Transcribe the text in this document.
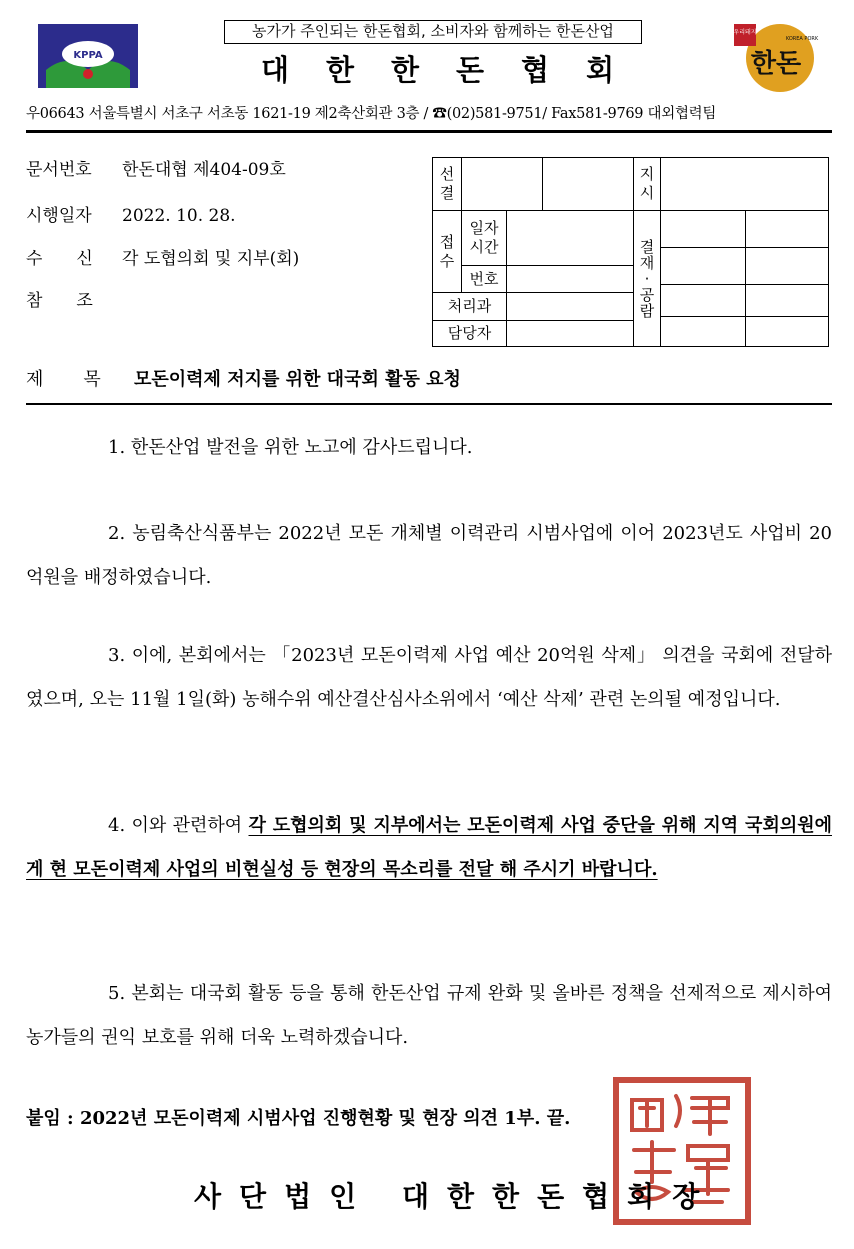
KPPA
농가가 주인되는 한돈협회, 소비자와 함께하는 한돈산업
대한한돈협회
우리돼지
한돈
KOREA PORK
우06643 서울특별시 서초구 서초동 1621-19 제2축산회관 3층 / ☎(02)581-9751/ Fax581-9769 대외협력팀
문서번호 한돈대협 제404-09호
시행일자 2022. 10. 28.
수신각 도협의회 및 지부(회)
참조
선
결
지
시
접
수
일자
시간
번호
처리과
담당자
결
재
·
공
람
제목모돈이력제 저지를 위한 대국회 활동 요청
1. 한돈산업 발전을 위한 노고에 감사드립니다.
2. 농림축산식품부는 2022년 모돈 개체별 이력관리 시범사업에 이어 2023년도 사업비 20억원을 배정하였습니다.
3. 이에, 본회에서는 「2023년 모돈이력제 사업 예산 20억원 삭제」 의견을 국회에 전달하였으며, 오는 11월 1일(화) 농해수위 예산결산심사소위에서 ‘예산 삭제’ 관련 논의될 예정입니다.
4. 이와 관련하여 각 도협의회 및 지부에서는 모돈이력제 사업 중단을 위해 지역 국회의원에게 현 모돈이력제 사업의 비현실성 등 현장의 목소리를 전달 해 주시기 바랍니다.
5. 본회는 대국회 활동 등을 통해 한돈산업 규제 완화 및 올바른 정책을 선제적으로 제시하여 농가들의 권익 보호를 위해 더욱 노력하겠습니다.
붙임 : 2022년 모돈이력제 시범사업 진행현황 및 현장 의견 1부. 끝.
사단법인 대한한돈협회장
